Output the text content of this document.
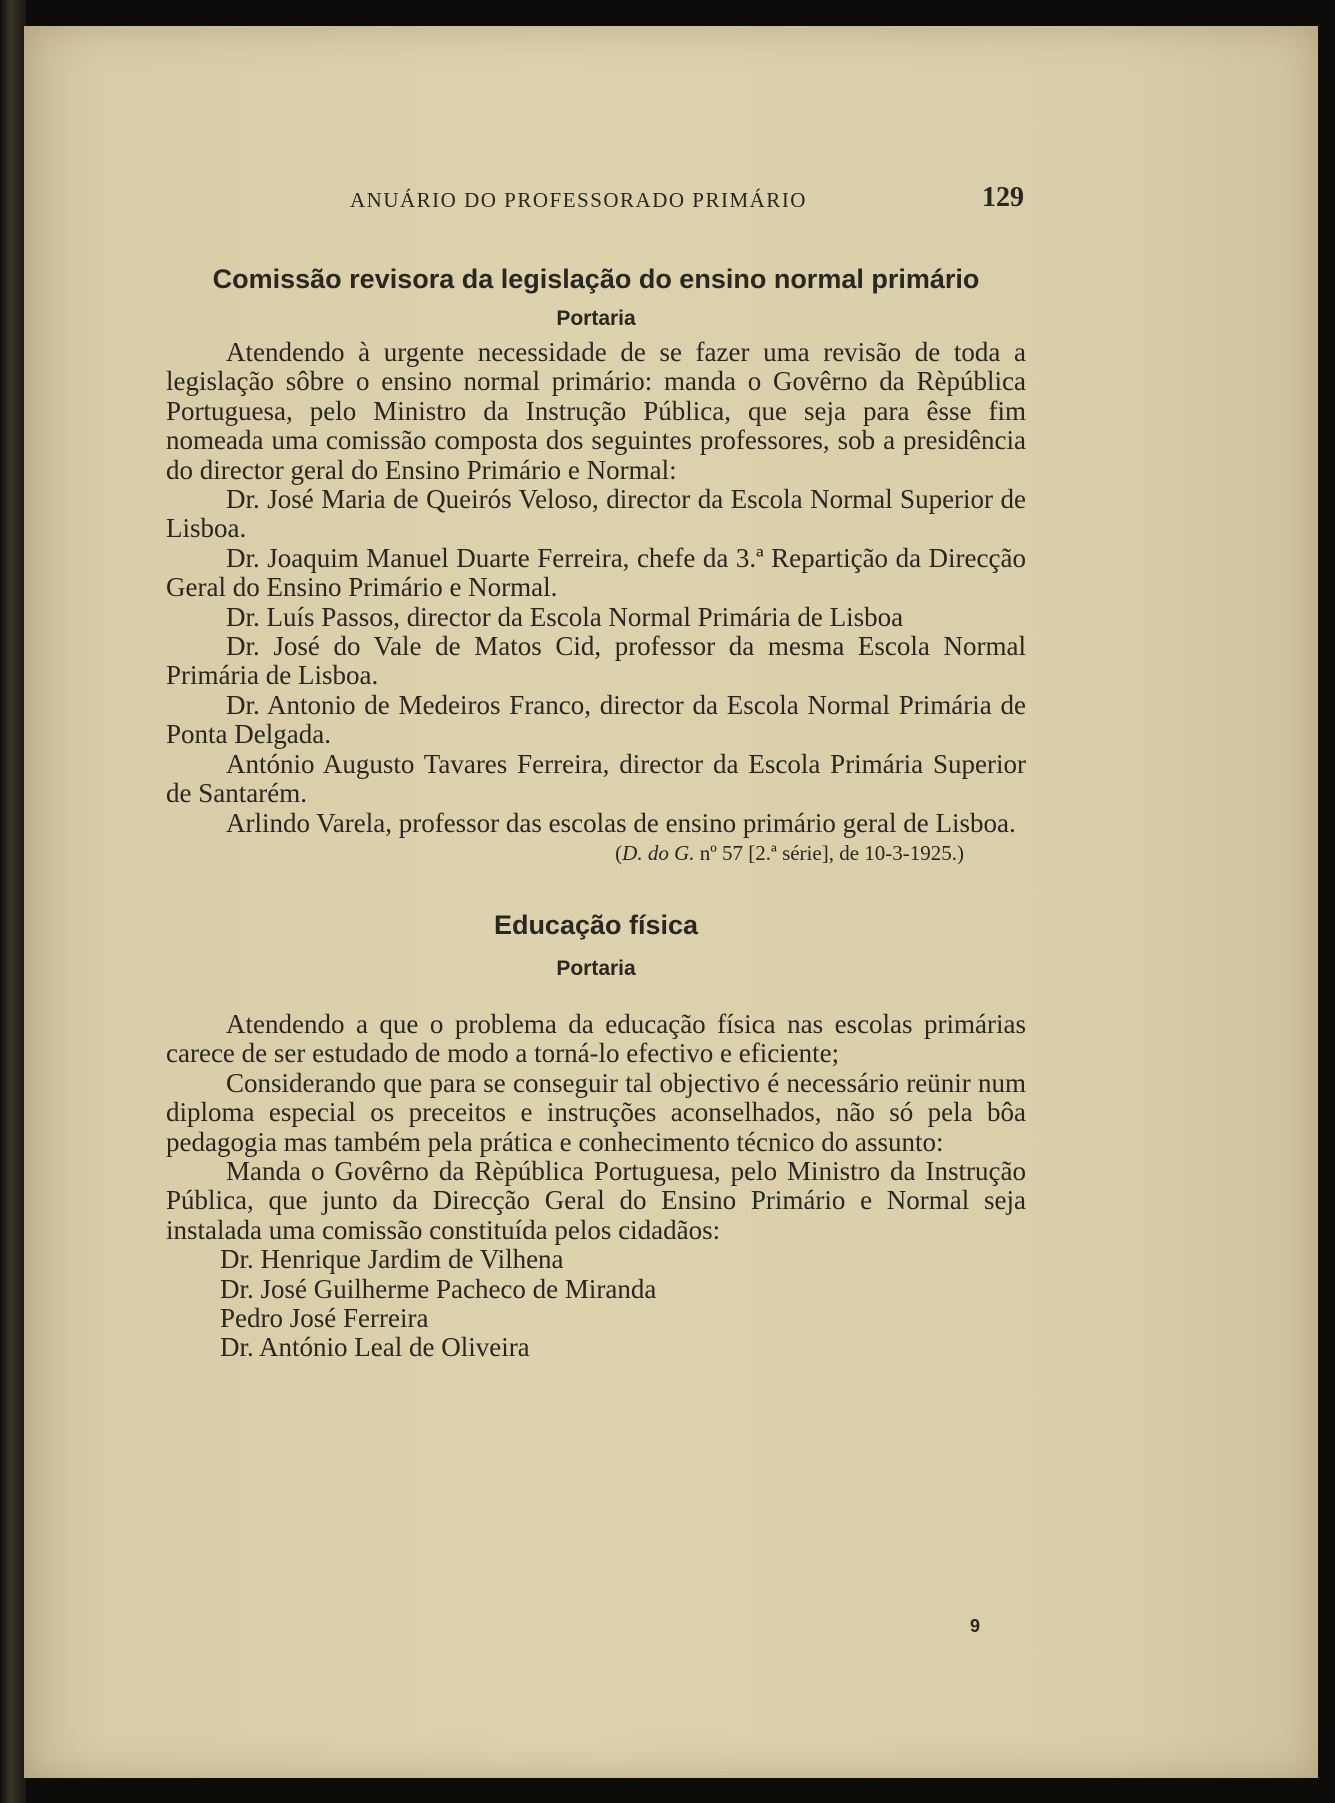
ANUÁRIO DO PROFESSORADO PRIMÁRIO	129
Comissão revisora da legislação do ensino normal primário
Portaria

Atendendo à urgente necessidade de se fazer uma revisão de toda a legislação sôbre o ensino normal primário: manda o Govêrno da Rèpública Portuguesa, pelo Ministro da Instrução Pública, que seja para êsse fim nomeada uma comissão composta dos seguintes professores, sob a presidência do director geral do Ensino Primário e Normal:

Dr. José Maria de Queirós Veloso, director da Escola Normal Superior de Lisboa.

Dr. Joaquim Manuel Duarte Ferreira, chefe da 3.ª Repartição da Direcção Geral do Ensino Primário e Normal.

Dr. Luís Passos, director da Escola Normal Primária de Lisboa

Dr. José do Vale de Matos Cid, professor da mesma Escola Normal Primária de Lisboa.

Dr. Antonio de Medeiros Franco, director da Escola Normal Primária de Ponta Delgada.

António Augusto Tavares Ferreira, director da Escola Primária Superior de Santarém.

Arlindo Varela, professor das escolas de ensino primário geral de Lisboa.

(D. do G. nº 57 [2.ª série], de 10-3-1925.)
Educação física
Portaria

Atendendo a que o problema da educação física nas escolas primárias carece de ser estudado de modo a torná-lo efectivo e eficiente;

Considerando que para se conseguir tal objectivo é necessário reünir num diploma especial os preceitos e instruções aconselhados, não só pela bôa pedagogia mas também pela prática e conhecimento técnico do assunto:

Manda o Govêrno da Rèpública Portuguesa, pelo Ministro da Instrução Pública, que junto da Direcção Geral do Ensino Primário e Normal seja instalada uma comissão constituída pelos cidadãos:

Dr. Henrique Jardim de Vilhena

Dr. José Guilherme Pacheco de Miranda

Pedro José Ferreira

Dr. António Leal de Oliveira

9
